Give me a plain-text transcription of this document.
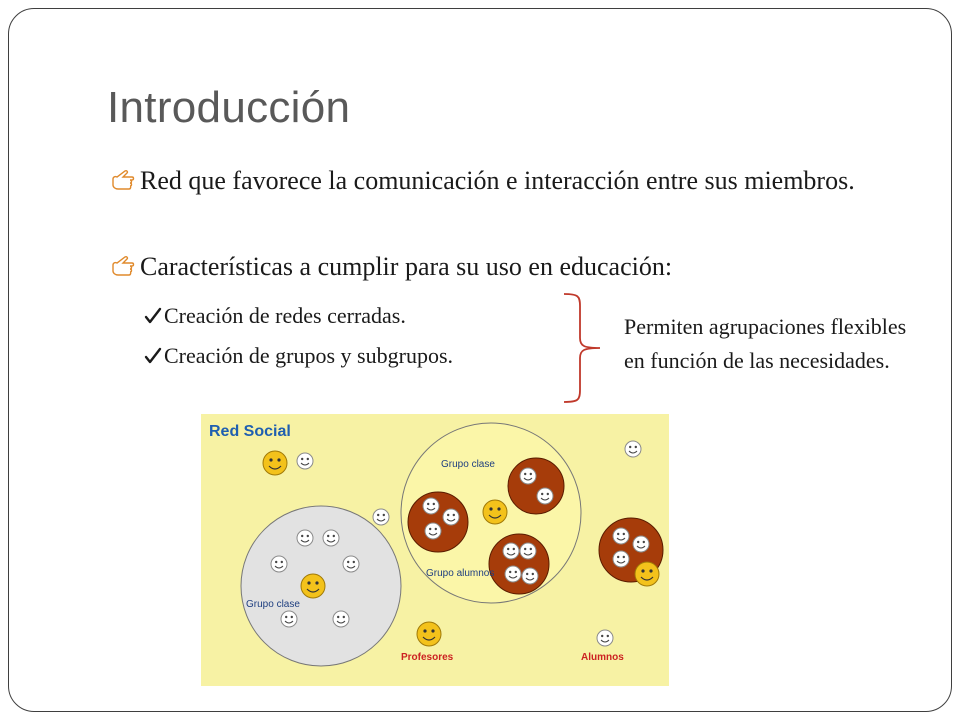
Introducción
Red que favorece la comunicación e interacción entre sus miembros.
Características a cumplir para su uso en educación:
Creación de redes cerradas.
Creación de grupos y subgrupos.
Permiten agrupaciones flexibles en función de las necesidades.
Red Social
Grupo clase
Grupo clase
Grupo alumnos
Profesores	Alumnos
